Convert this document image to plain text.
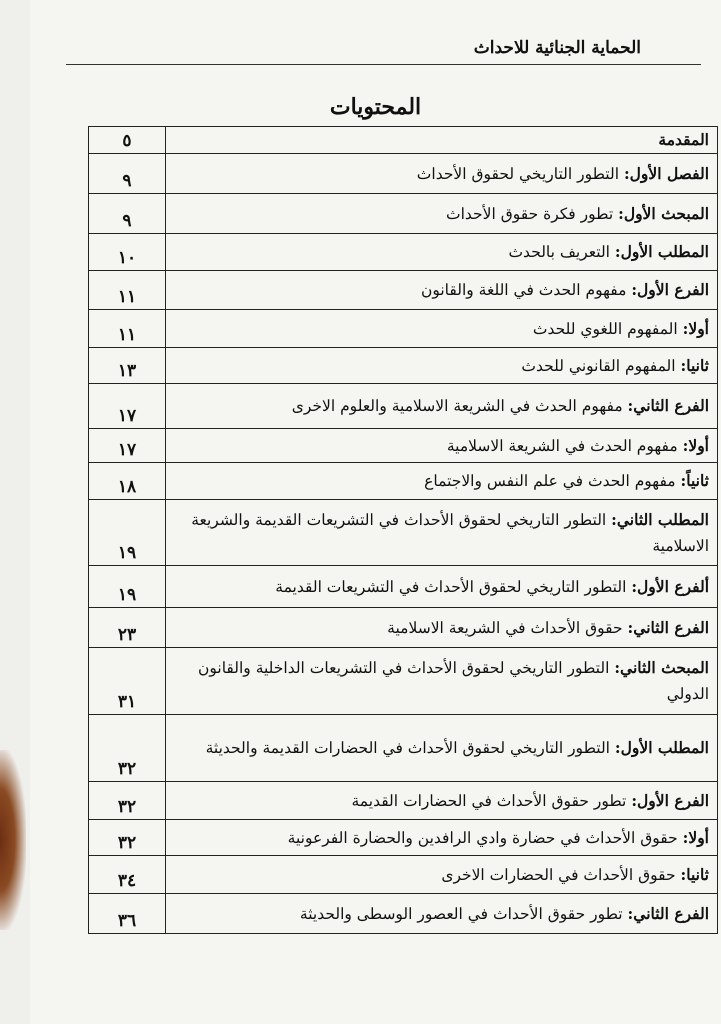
الحماية الجنائية للاحداث
المحتويات
المقدمة	٥
الفصل الأول: التطور التاريخي لحقوق الأحداث	٩
المبحث الأول: تطور فكرة حقوق الأحداث	٩
المطلب الأول: التعريف بالحدث	١٠
الفرع الأول: مفهوم الحدث في اللغة والقانون	١١
أولا: المفهوم اللغوي للحدث	١١
ثانيا: المفهوم القانوني للحدث	١٣
الفرع الثاني: مفهوم الحدث في الشريعة الاسلامية والعلوم الاخرى	١٧
أولا: مفهوم الحدث في الشريعة الاسلامية	١٧
ثانياً: مفهوم الحدث في علم النفس والاجتماع	١٨
المطلب الثاني: التطور التاريخي لحقوق الأحداث في التشريعات القديمة والشريعة الاسلامية	١٩
ألفرع الأول: التطور التاريخي لحقوق الأحداث في التشريعات القديمة	١٩
الفرع الثاني: حقوق الأحداث في الشريعة الاسلامية	٢٣
المبحث الثاني: التطور التاريخي لحقوق الأحداث في التشريعات الداخلية والقانون الدولي	٣١
المطلب الأول: التطور التاريخي لحقوق الأحداث في الحضارات القديمة والحديثة	٣٢
الفرع الأول: تطور حقوق الأحداث في الحضارات القديمة	٣٢
أولا: حقوق الأحداث في حضارة وادي الرافدين والحضارة الفرعونية	٣٢
ثانيا: حقوق الأحداث في الحضارات الاخرى	٣٤
الفرع الثاني: تطور حقوق الأحداث في العصور الوسطى والحديثة	٣٦
